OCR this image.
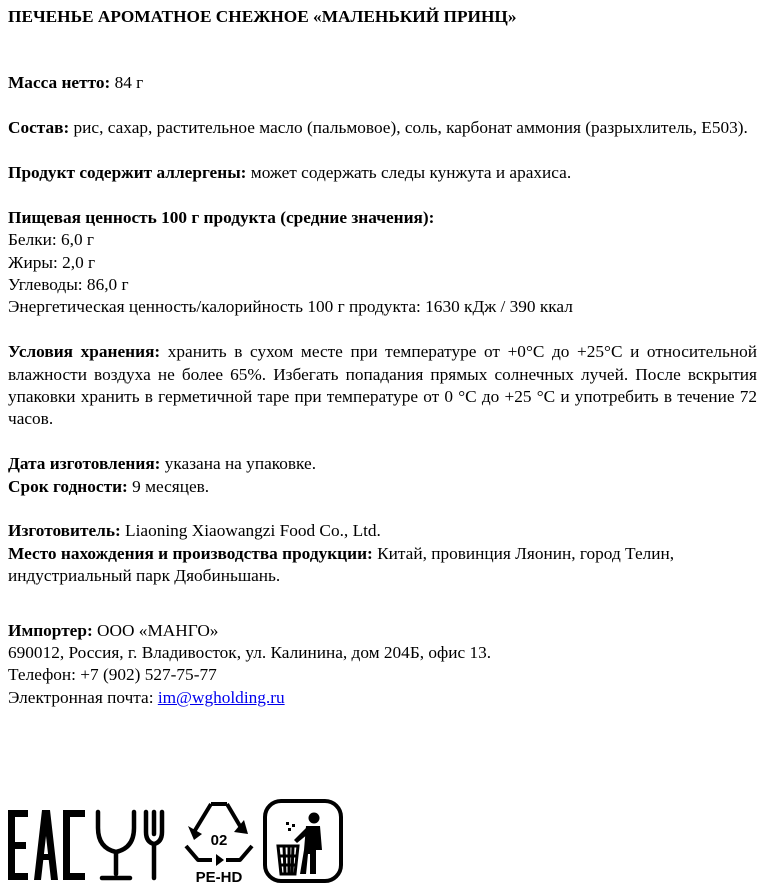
ПЕЧЕНЬЕ АРОМАТНОЕ СНЕЖНОЕ «МАЛЕНЬКИЙ ПРИНЦ»

Масса нетто: 84 г

Состав: рис, сахар, растительное масло (пальмовое), соль, карбонат аммония (разрыхлитель, Е503).

Продукт содержит аллергены: может содержать следы кунжута и арахиса.

Пищевая ценность 100 г продукта (средние значения):

Белки: 6,0 г

Жиры: 2,0 г

Углеводы: 86,0 г

Энергетическая ценность/калорийность 100 г продукта: 1630 кДж / 390 ккал

Условия хранения: хранить в сухом месте при температуре от +0°С до +25°С и относительной влажности воздуха не более 65%. Избегать попадания прямых солнечных лучей. После вскрытия упаковки хранить в герметичной таре при температуре от 0 °С до +25 °С и употребить в течение 72 часов.

Дата изготовления: указана на упаковке.

Срок годности: 9 месяцев.

Изготовитель: Liaoning Xiaowangzi Food Co., Ltd.

Место нахождения и производства продукции: Китай, провинция Ляонин, город Телин, индустриальный парк Дяобиньшань.

Импортер: ООО «МАНГО»

690012, Россия, г. Владивосток, ул. Калинина, дом 204Б, офис 13.

Телефон: +7 (902) 527-75-77

Электронная почта: im@wgholding.ru

02
PE-HD
